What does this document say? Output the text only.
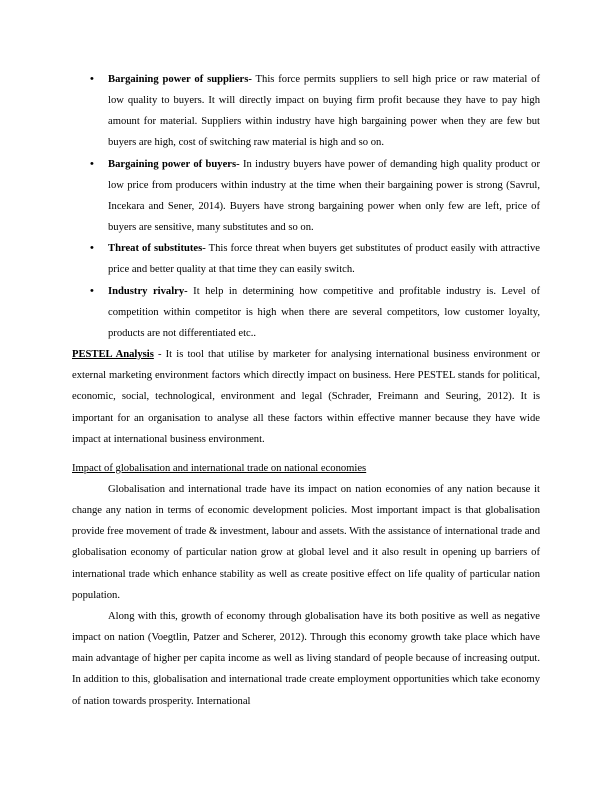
• Bargaining power of suppliers- This force permits suppliers to sell high price or raw material of low quality to buyers. It will directly impact on buying firm profit because they have to pay high amount for material. Suppliers within industry have high bargaining power when they are few but buyers are high, cost of switching raw material is high and so on.
• Bargaining power of buyers- In industry buyers have power of demanding high quality product or low price from producers within industry at the time when their bargaining power is strong (Savrul, Incekara and Sener, 2014). Buyers have strong bargaining power when only few are left, price of buyers are sensitive, many substitutes and so on.
• Threat of substitutes- This force threat when buyers get substitutes of product easily with attractive price and better quality at that time they can easily switch.
• Industry rivalry- It help in determining how competitive and profitable industry is. Level of competition within competitor is high when there are several competitors, low customer loyalty, products are not differentiated etc..

PESTEL Analysis - It is tool that utilise by marketer for analysing international business environment or external marketing environment factors which directly impact on business. Here PESTEL stands for political, economic, social, technological, environment and legal (Schrader, Freimann and Seuring, 2012). It is important for an organisation to analyse all these factors within effective manner because they have wide impact at international business environment.

Impact of globalisation and international trade on national economies

Globalisation and international trade have its impact on nation economies of any nation because it change any nation in terms of economic development policies. Most important impact is that globalisation provide free movement of trade & investment, labour and assets. With the assistance of international trade and globalisation economy of particular nation grow at global level and it also result in opening up barriers of international trade which enhance stability as well as create positive effect on life quality of particular nation population.

Along with this, growth of economy through globalisation have its both positive as well as negative impact on nation (Voegtlin, Patzer and Scherer, 2012). Through this economy growth take place which have main advantage of higher per capita income as well as living standard of people because of increasing output. In addition to this, globalisation and international trade create employment opportunities which take economy of nation towards prosperity. International
